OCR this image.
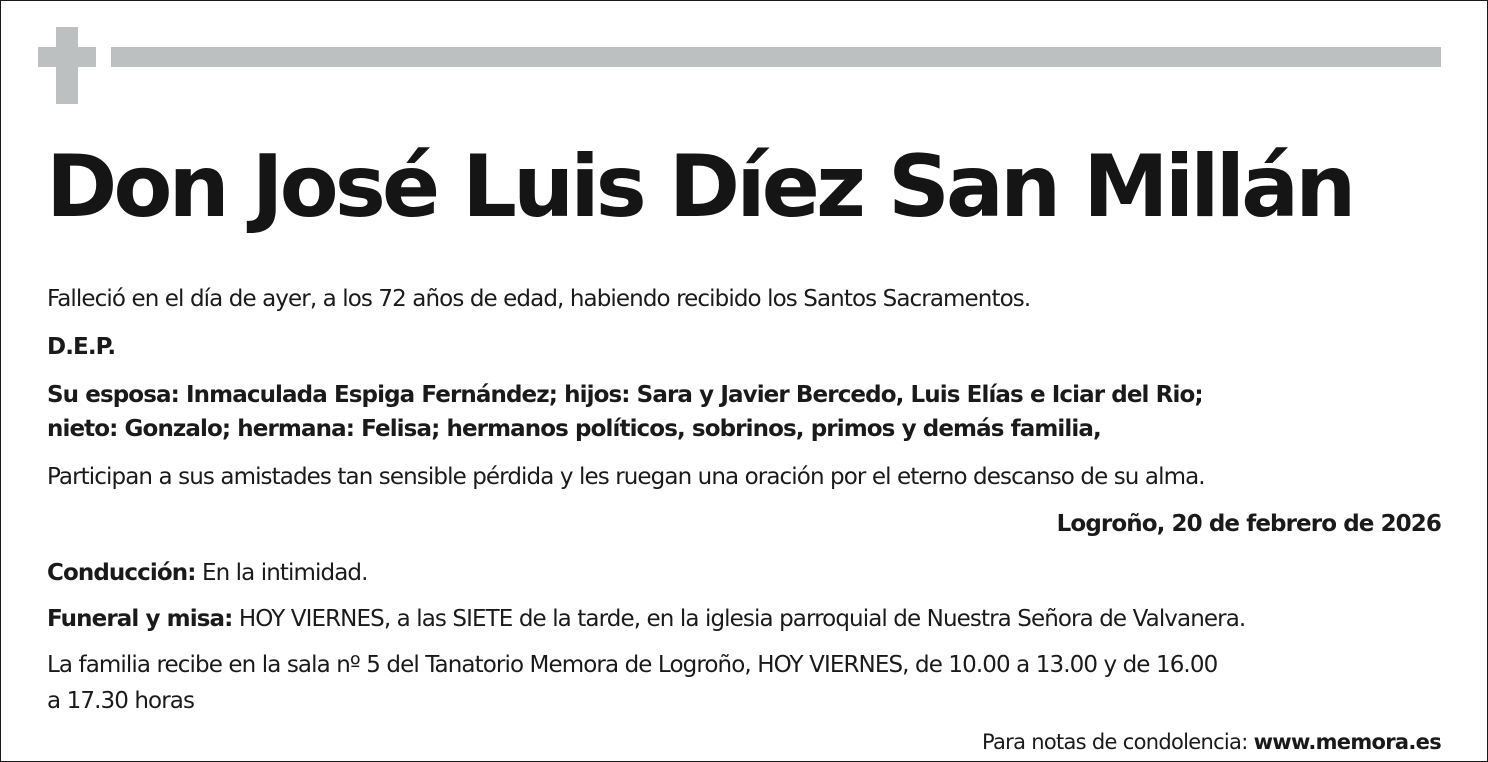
Don José Luis Díez San Millán

Falleció en el día de ayer, a los 72 años de edad, habiendo recibido los Santos Sacramentos.

D.E.P.

Su esposa: Inmaculada Espiga Fernández; hijos: Sara y Javier Bercedo, Luis Elías e Iciar del Rio;

nieto: Gonzalo; hermana: Felisa; hermanos políticos, sobrinos, primos y demás familia,

Participan a sus amistades tan sensible pérdida y les ruegan una oración por el eterno descanso de su alma.

Logroño, 20 de febrero de 2026

Conducción: En la intimidad.

Funeral y misa: HOY VIERNES, a las SIETE de la tarde, en la iglesia parroquial de Nuestra Señora de Valvanera.

La familia recibe en la sala nº 5 del Tanatorio Memora de Logroño, HOY VIERNES, de 10.00 a 13.00 y de 16.00

a 17.30 horas

Para notas de condolencia: www.memora.es
